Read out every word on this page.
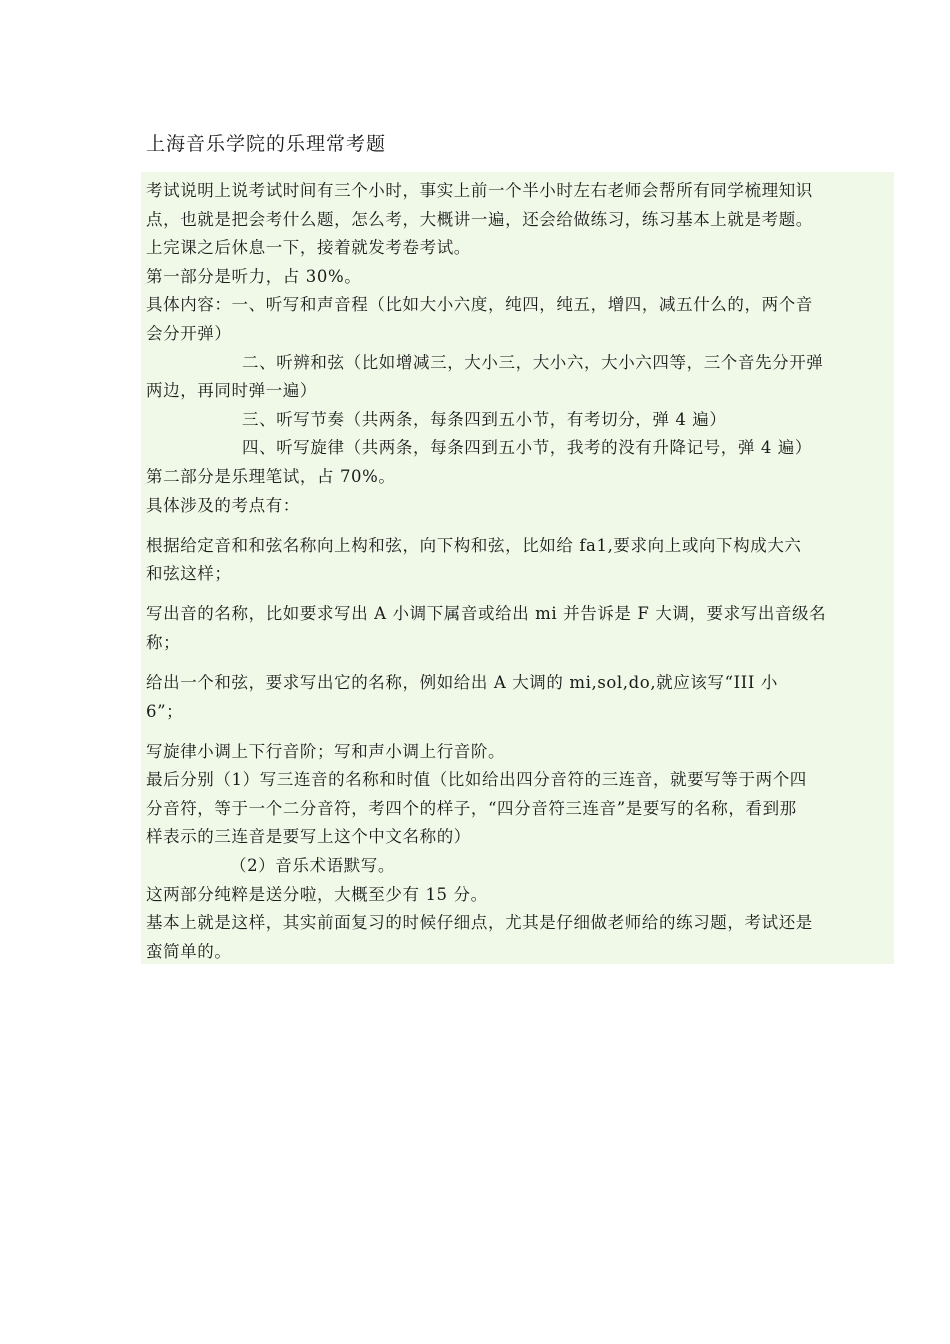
上海音乐学院的乐理常考题
考试说明上说考试时间有三个小时，事实上前一个半小时左右老师会帮所有同学梳理知识
点，也就是把会考什么题，怎么考，大概讲一遍，还会给做练习，练习基本上就是考题。
上完课之后休息一下，接着就发考卷考试。
第一部分是听力，占 30%。
具体内容：一、听写和声音程（比如大小六度，纯四，纯五，增四，减五什么的，两个音
会分开弹）
二、听辨和弦（比如增减三，大小三，大小六，大小六四等，三个音先分开弹
两边，再同时弹一遍）
三、听写节奏（共两条，每条四到五小节，有考切分，弹 4 遍）
四、听写旋律（共两条，每条四到五小节，我考的没有升降记号，弹 4 遍）
第二部分是乐理笔试，占 70%。
具体涉及的考点有：
根据给定音和和弦名称向上构和弦，向下构和弦，比如给 fa1,要求向上或向下构成大六
和弦这样；
写出音的名称，比如要求写出 A 小调下属音或给出 mi 并告诉是 F 大调，要求写出音级名
称；
给出一个和弦，要求写出它的名称，例如给出 A 大调的 mi,sol,do,就应该写“III 小
6”；
写旋律小调上下行音阶；写和声小调上行音阶。
最后分别（1）写三连音的名称和时值（比如给出四分音符的三连音，就要写等于两个四
分音符，等于一个二分音符，考四个的样子，“四分音符三连音”是要写的名称，看到那
样表示的三连音是要写上这个中文名称的）
（2）音乐术语默写。
这两部分纯粹是送分啦，大概至少有 15 分。
基本上就是这样，其实前面复习的时候仔细点，尤其是仔细做老师给的练习题，考试还是
蛮简单的。
